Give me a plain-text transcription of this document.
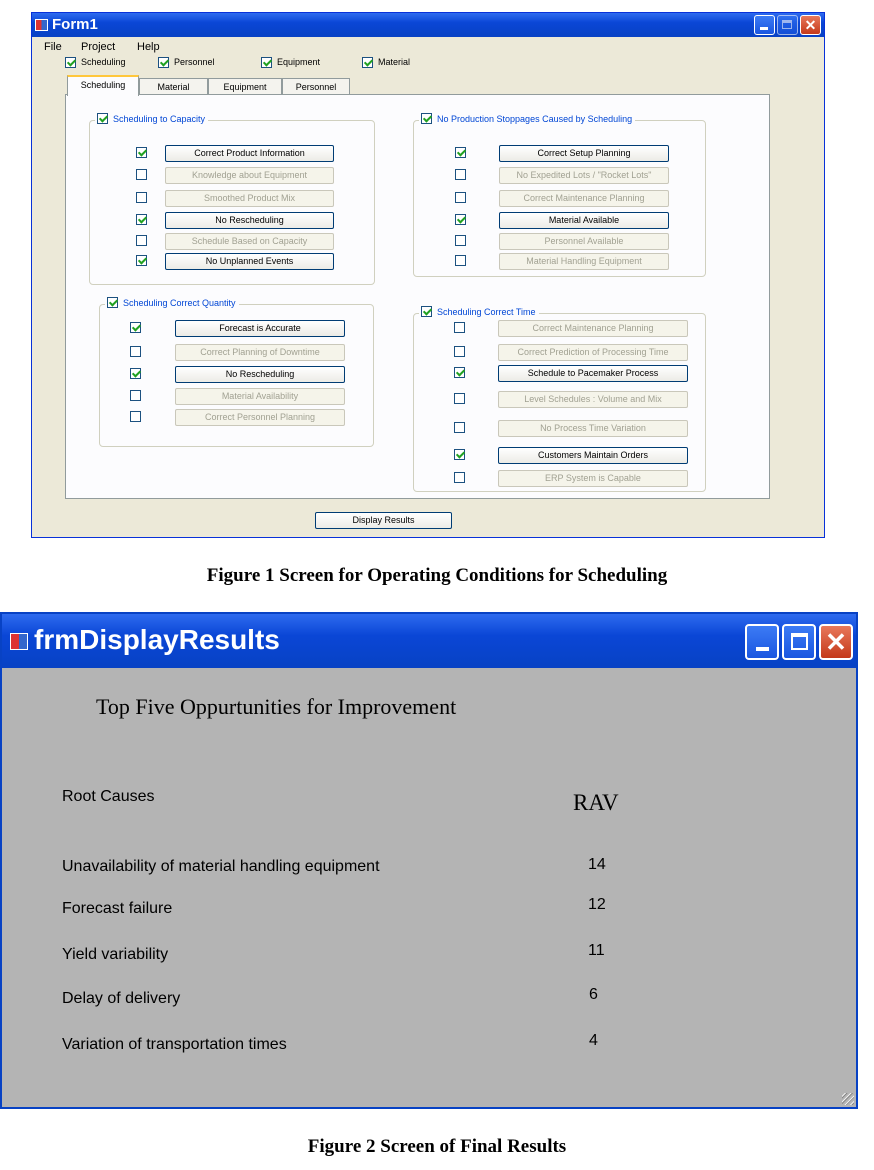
Form1
✕
File Project Help
Scheduling	Personnel	Equipment	Material
Scheduling	Material	Equipment	Personnel
Scheduling to Capacity
Correct Product Information
Knowledge about Equipment
Smoothed Product Mix
No Rescheduling
Schedule Based on Capacity
No Unplanned Events
No Production Stoppages Caused by Scheduling
Correct Setup Planning
No Expedited Lots / "Rocket Lots"
Correct Maintenance Planning
Material Available
Personnel Available
Material Handling Equipment
Scheduling Correct Quantity
Forecast is Accurate
Correct Planning of Downtime
No Rescheduling
Material Availability
Correct Personnel Planning
Scheduling Correct Time
Correct Maintenance Planning
Correct Prediction of Processing Time
Schedule to Pacemaker Process
Level Schedules : Volume and Mix
No Process Time Variation
Customers Maintain Orders
ERP System is Capable
Display Results
Figure 1 Screen for Operating Conditions for Scheduling
frmDisplayResults
✕
Top Five Oppurtunities for Improvement
Root Causes	RAV
Unavailability of material handling equipment	14
Forecast failure	12
Yield variability	11
Delay of delivery	6
Variation of transportation times	4
Figure 2 Screen of Final Results
